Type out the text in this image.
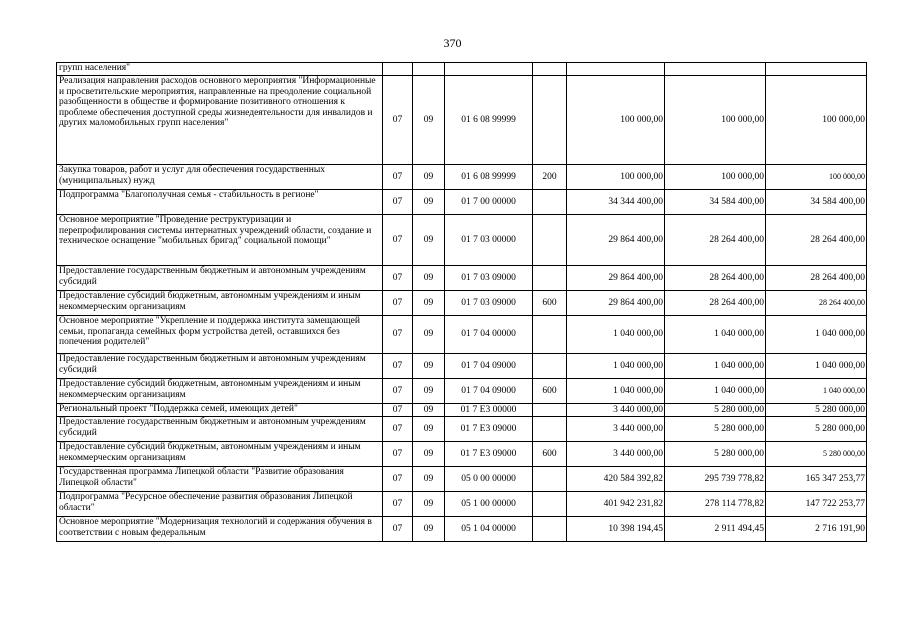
370
групп населения"							
Реализация направления расходов основного мероприятия "Информационные и просветительские мероприятия, направленные на преодоление социальной разобщенности в обществе и формирование позитивного отношения к проблеме обеспечения доступной среды жизнедеятельности для инвалидов и других маломобильных групп населения"	07	09	01 6 08 99999		100 000,00	100 000,00	100 000,00
Закупка товаров, работ и услуг для обеспечения государственных (муниципальных) нужд	07	09	01 6 08 99999	200	100 000,00	100 000,00	100 000,00
Подпрограмма "Благополучная семья - стабильность в регионе"	07	09	01 7 00 00000		34 344 400,00	34 584 400,00	34 584 400,00
Основное мероприятие "Проведение реструктуризации и перепрофилирования системы интернатных учреждений области, создание и техническое оснащение "мобильных бригад" социальной помощи"	07	09	01 7 03 00000		29 864 400,00	28 264 400,00	28 264 400,00
Предоставление государственным бюджетным и автономным учреждениям субсидий	07	09	01 7 03 09000		29 864 400,00	28 264 400,00	28 264 400,00
Предоставление субсидий бюджетным, автономным учреждениям и иным некоммерческим организациям	07	09	01 7 03 09000	600	29 864 400,00	28 264 400,00	28 264 400,00
Основное мероприятие "Укрепление и поддержка института замещающей семьи, пропаганда семейных форм устройства детей, оставшихся без попечения родителей"	07	09	01 7 04 00000		1 040 000,00	1 040 000,00	1 040 000,00
Предоставление государственным бюджетным и автономным учреждениям субсидий	07	09	01 7 04 09000		1 040 000,00	1 040 000,00	1 040 000,00
Предоставление субсидий бюджетным, автономным учреждениям и иным некоммерческим организациям	07	09	01 7 04 09000	600	1 040 000,00	1 040 000,00	1 040 000,00
Региональный проект "Поддержка семей, имеющих детей"	07	09	01 7 Е3 00000		3 440 000,00	5 280 000,00	5 280 000,00
Предоставление государственным бюджетным и автономным учреждениям субсидий	07	09	01 7 Е3 09000		3 440 000,00	5 280 000,00	5 280 000,00
Предоставление субсидий бюджетным, автономным учреждениям и иным некоммерческим организациям	07	09	01 7 Е3 09000	600	3 440 000,00	5 280 000,00	5 280 000,00
Государственная программа Липецкой области "Развитие образования Липецкой области"	07	09	05 0 00 00000		420 584 392,82	295 739 778,82	165 347 253,77
Подпрограмма "Ресурсное обеспечение развития образования Липецкой области"	07	09	05 1 00 00000		401 942 231,82	278 114 778,82	147 722 253,77
Основное мероприятие "Модернизация технологий и содержания обучения в соответствии с новым федеральным	07	09	05 1 04 00000		10 398 194,45	2 911 494,45	2 716 191,90
